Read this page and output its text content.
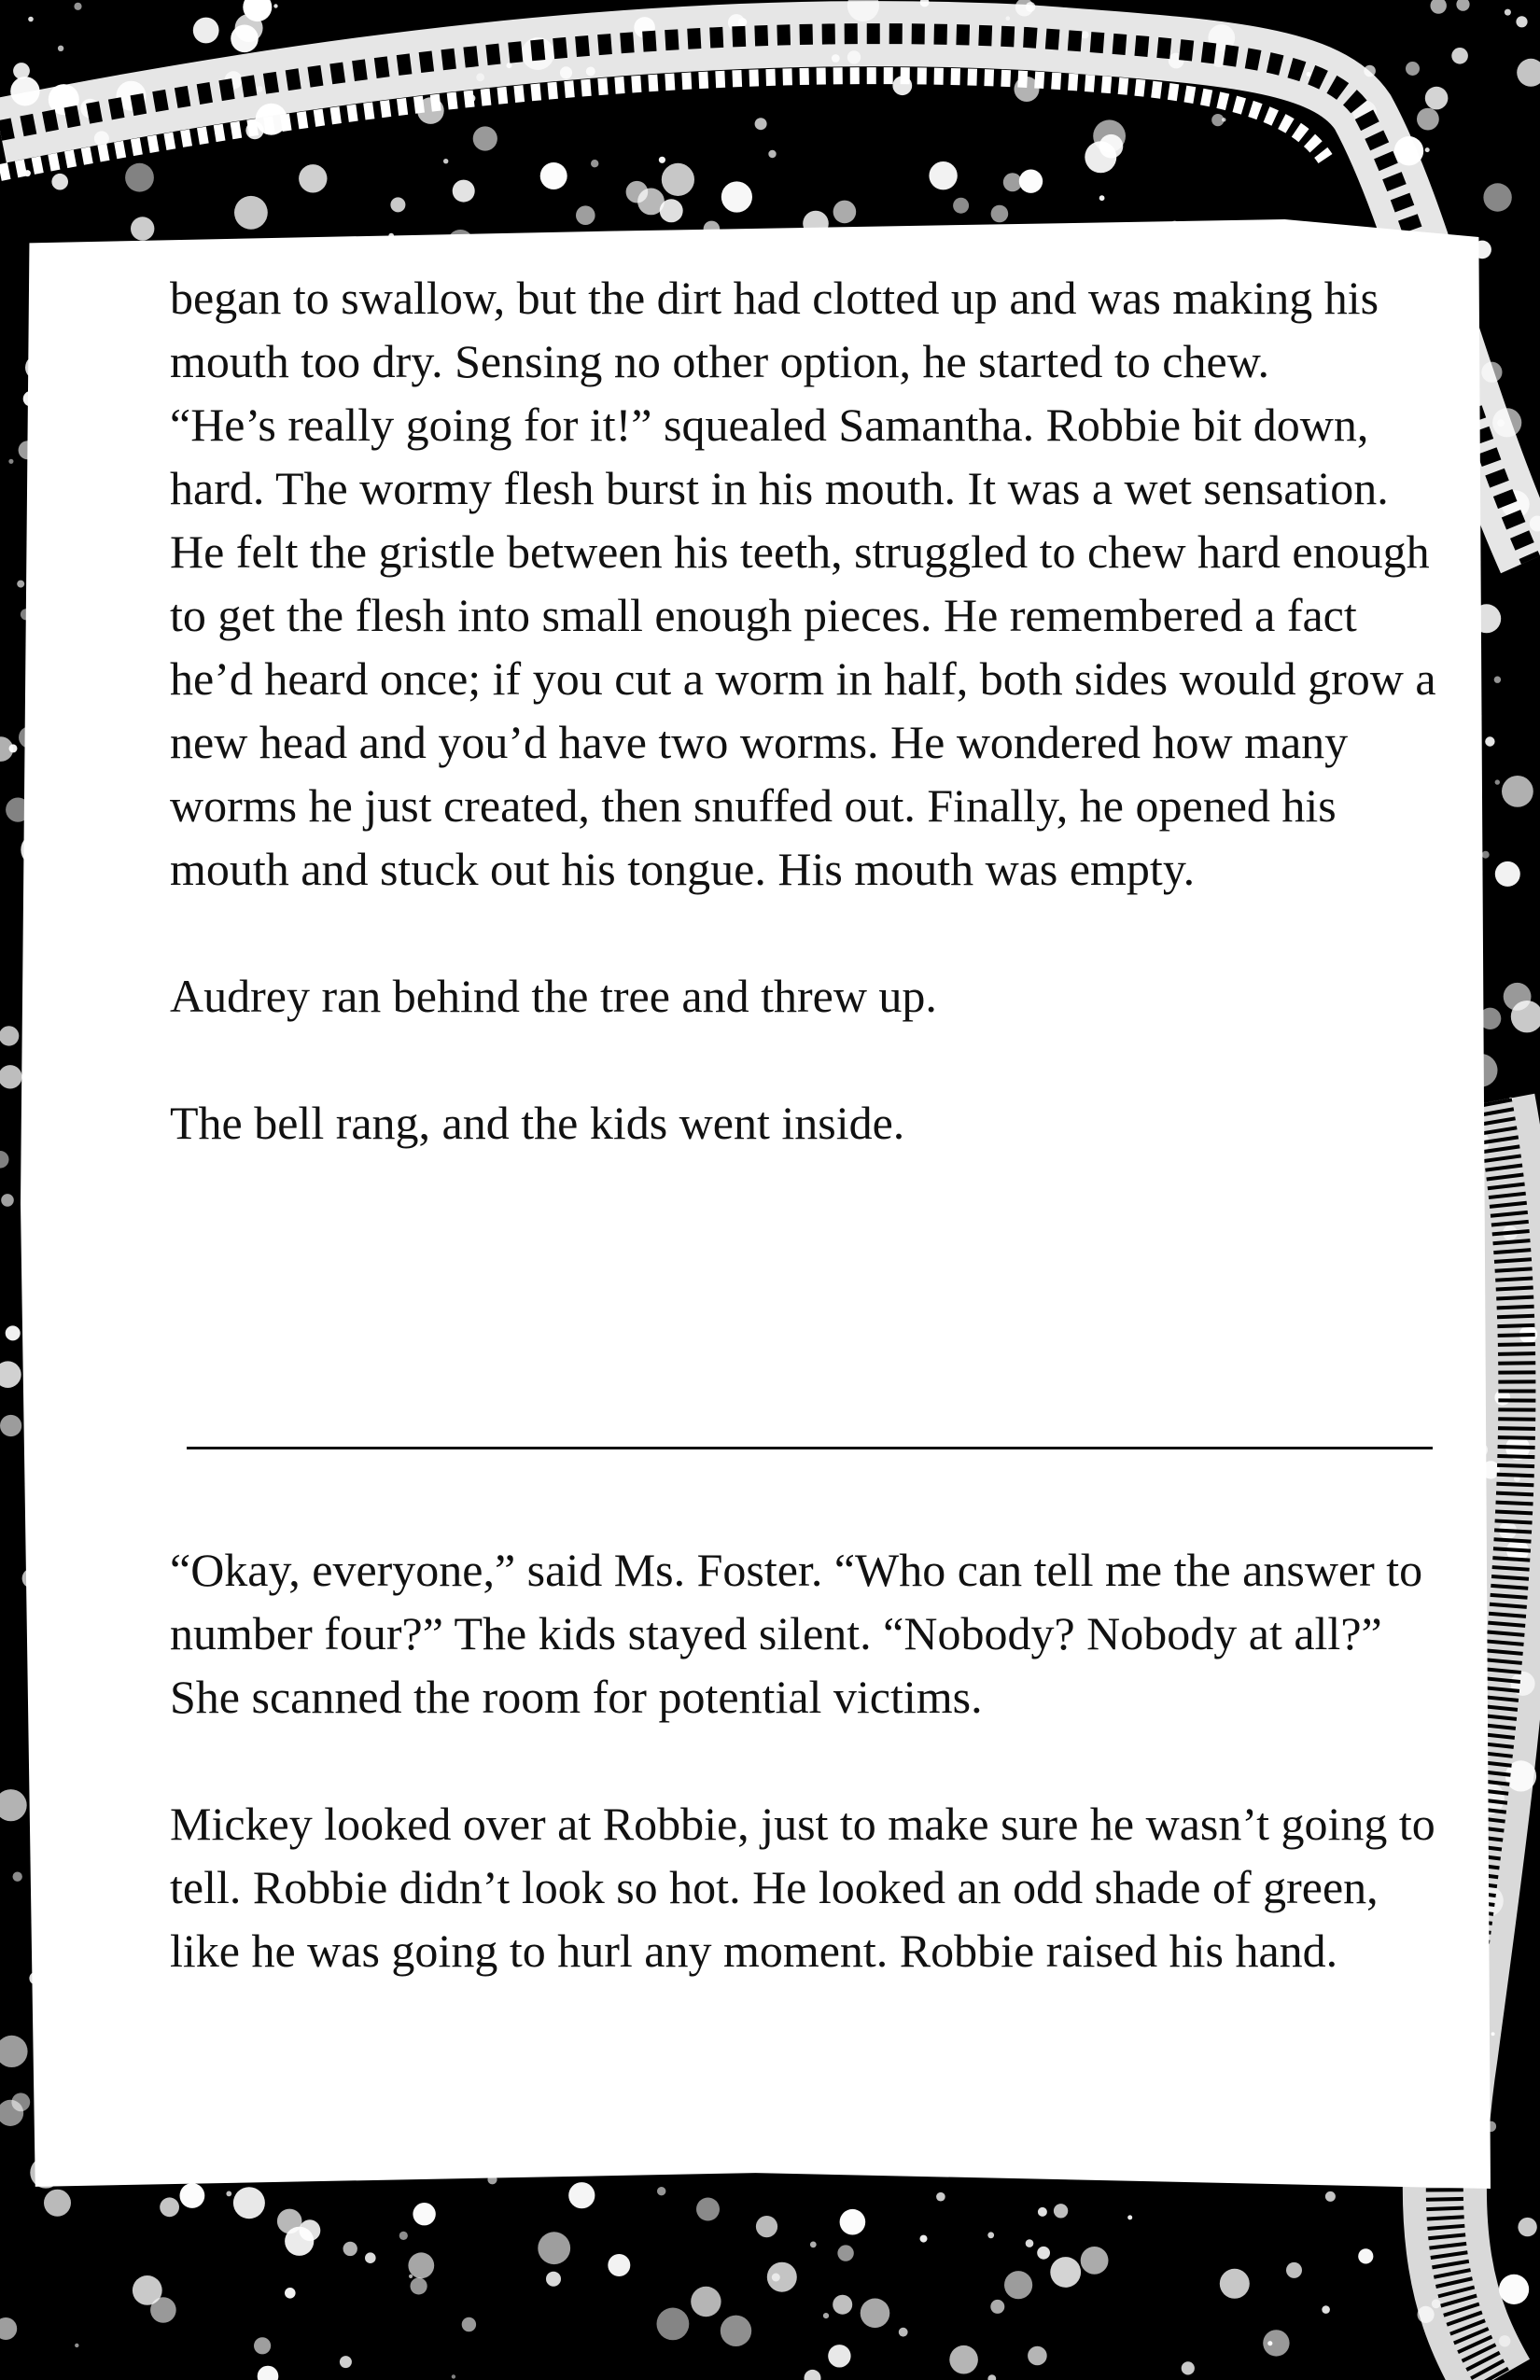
began to swallow, but the dirt had clotted up and was making his mouth too dry. Sensing no other option, he started to chew.

“He’s really going for it!” squealed Samantha. Robbie bit down, hard. The wormy flesh burst in his mouth. It was a wet sensation. He felt the gristle between his teeth, struggled to chew hard enough to get the flesh into small enough pieces. He remembered a fact he’d heard once; if you cut a worm in half, both sides would grow a new head and you’d have two worms. He wondered how many worms he just created, then snuffed out. Finally, he opened his mouth and stuck out his tongue. His mouth was empty.

Audrey ran behind the tree and threw up.

The bell rang, and the kids went inside.

“Okay, everyone,” said Ms. Foster. “Who can tell me the answer to number four?” The kids stayed silent. “Nobody? Nobody at all?” She scanned the room for potential victims.

Mickey looked over at Robbie, just to make sure he wasn’t going to tell. Robbie didn’t look so hot. He looked an odd shade of green, like he was going to hurl any moment. Robbie raised his hand.
